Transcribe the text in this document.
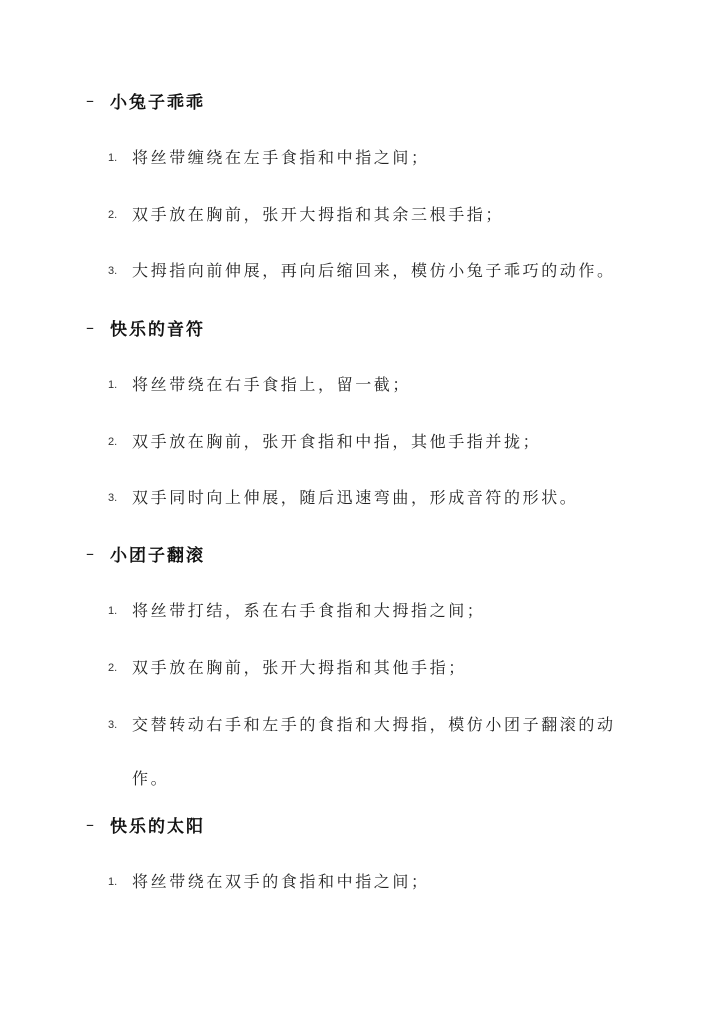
– 小兔子乖乖
1. 将丝带缠绕在左手食指和中指之间；
2. 双手放在胸前，张开大拇指和其余三根手指；
3. 大拇指向前伸展，再向后缩回来，模仿小兔子乖巧的动作。
– 快乐的音符
1. 将丝带绕在右手食指上，留一截；
2. 双手放在胸前，张开食指和中指，其他手指并拢；
3. 双手同时向上伸展，随后迅速弯曲，形成音符的形状。
– 小团子翻滚
1. 将丝带打结，系在右手食指和大拇指之间；
2. 双手放在胸前，张开大拇指和其他手指；
3. 交替转动右手和左手的食指和大拇指，模仿小团子翻滚的动作。
– 快乐的太阳
1. 将丝带绕在双手的食指和中指之间；
